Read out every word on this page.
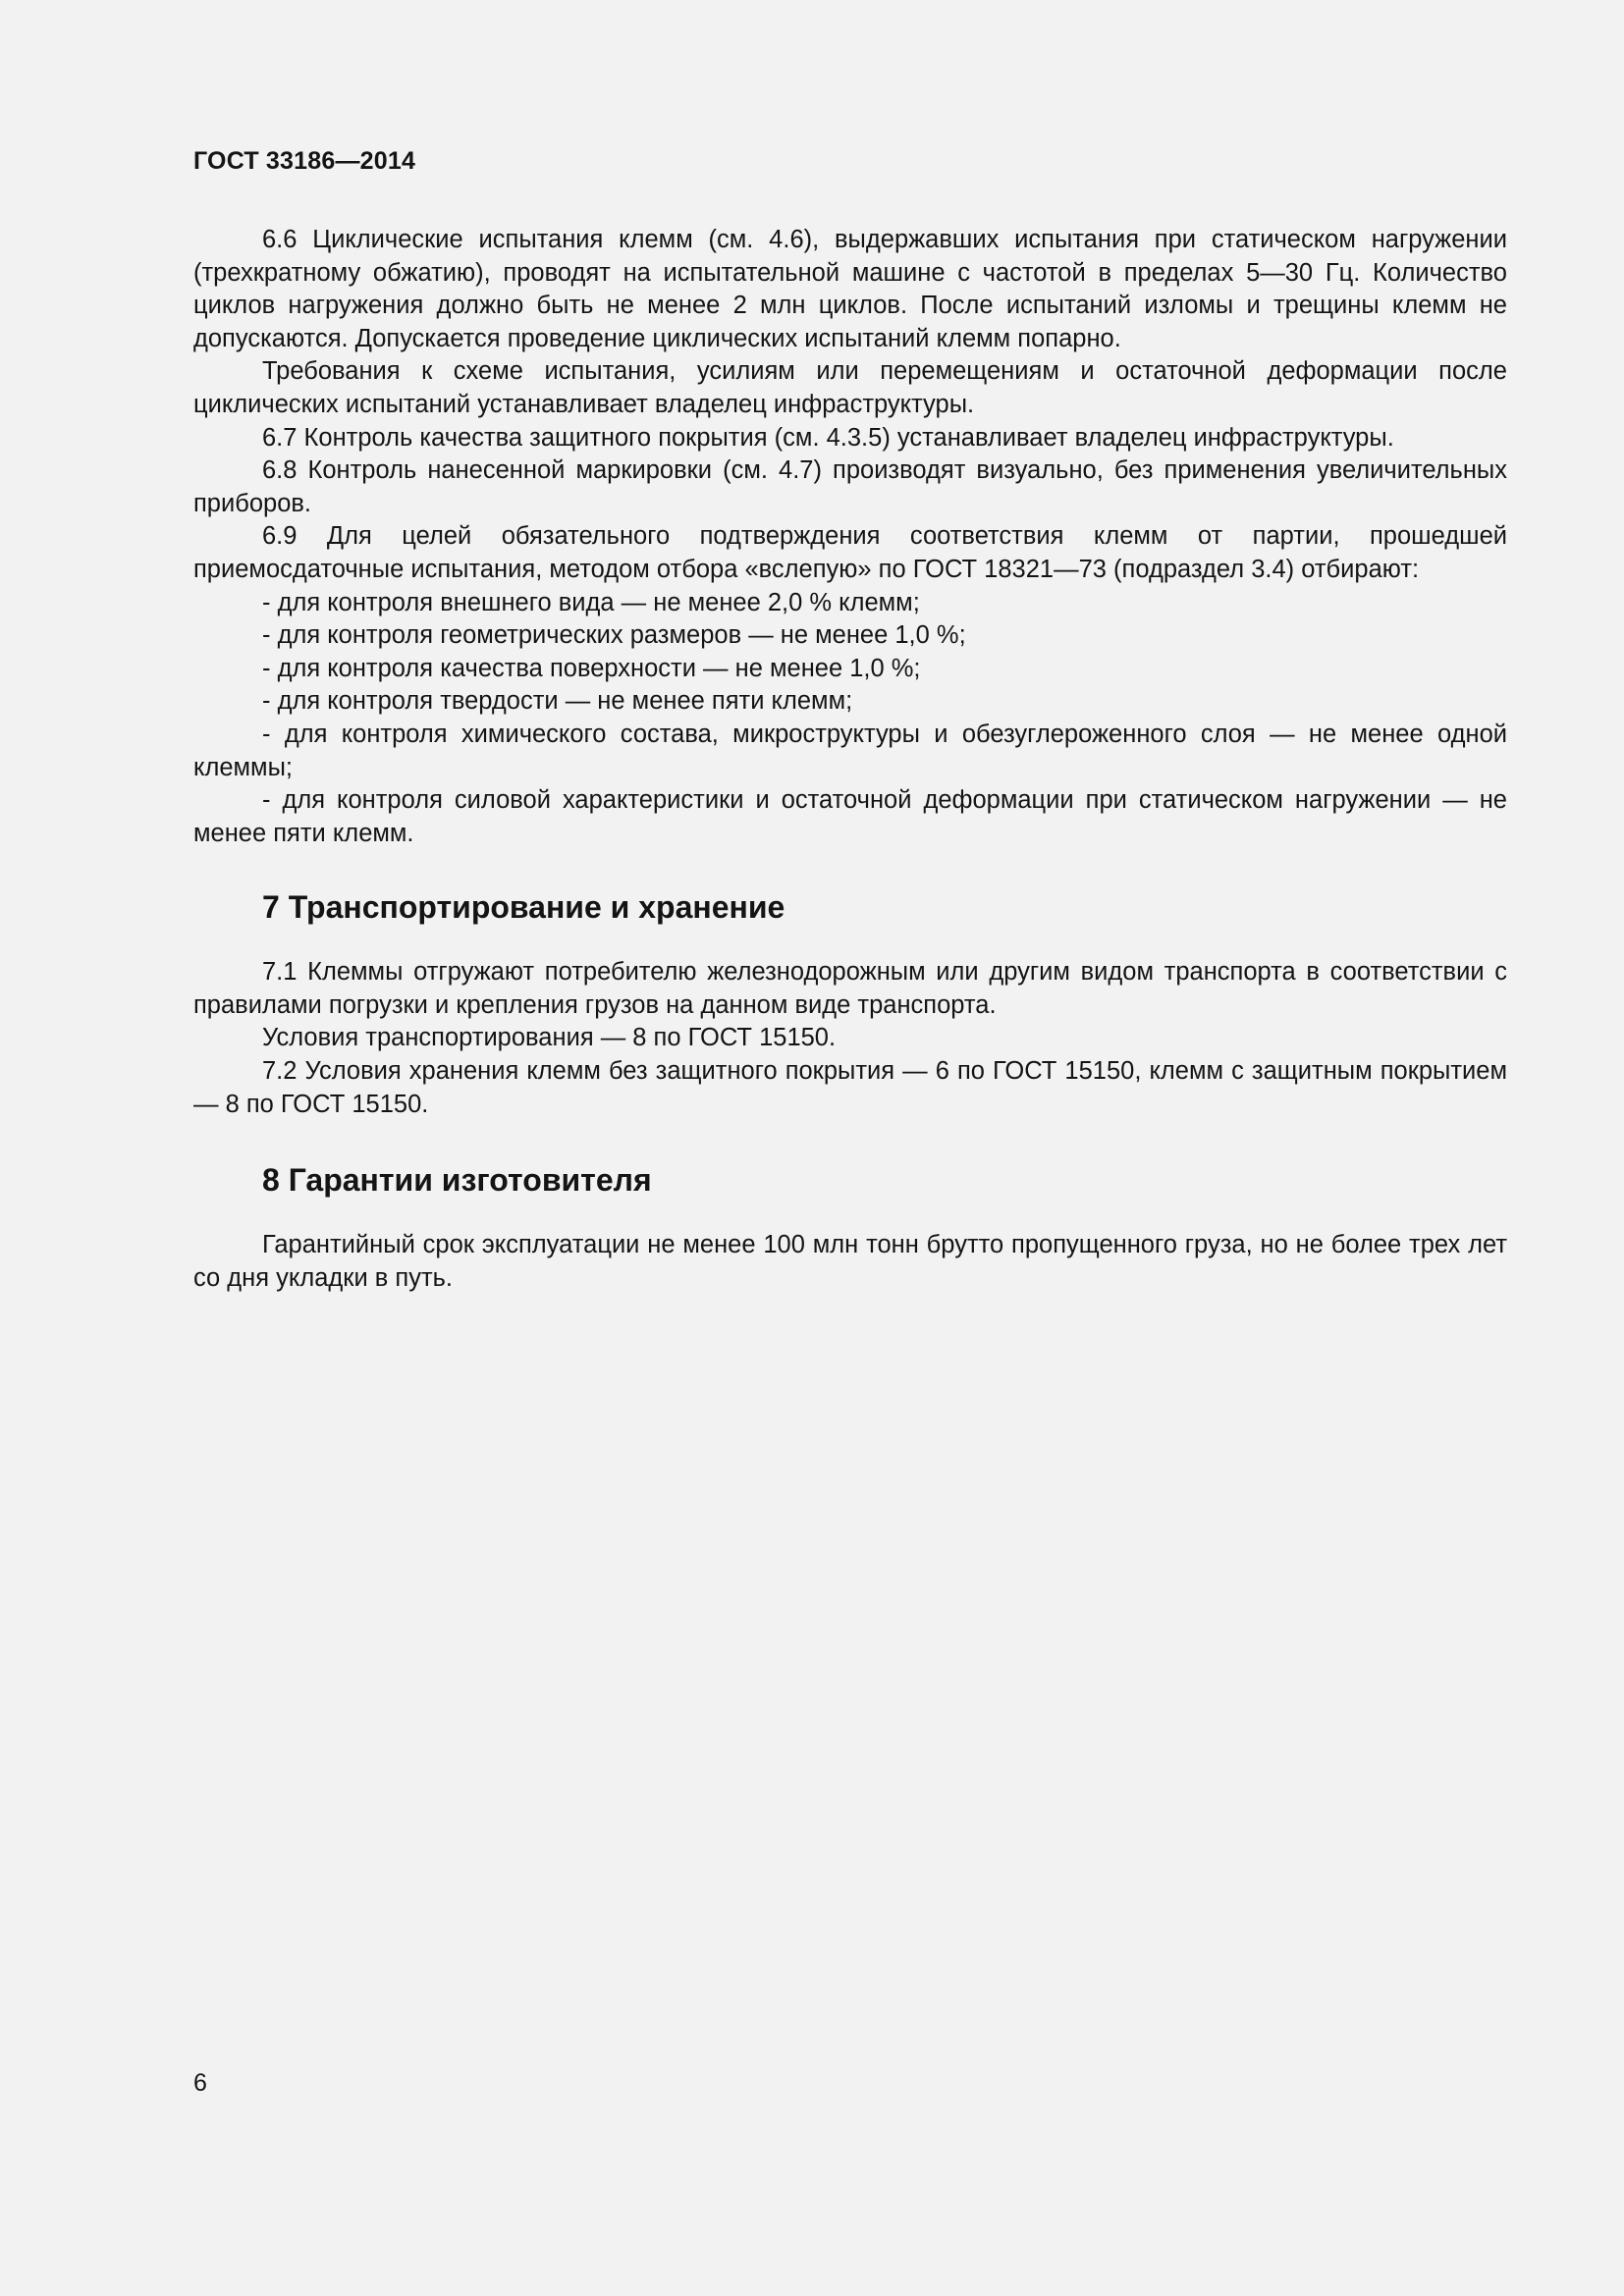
ГОСТ 33186—2014

6.6 Циклические испытания клемм (см. 4.6), выдержавших испытания при статическом нагружении (трехкратному обжатию), проводят на испытательной машине с частотой в пределах 5—30 Гц. Количество циклов нагружения должно быть не менее 2 млн циклов. После испытаний изломы и трещины клемм не допускаются. Допускается проведение циклических испытаний клемм попарно.

Требования к схеме испытания, усилиям или перемещениям и остаточной деформации после циклических испытаний устанавливает владелец инфраструктуры.

6.7 Контроль качества защитного покрытия (см. 4.3.5) устанавливает владелец инфраструктуры.

6.8 Контроль нанесенной маркировки (см. 4.7) производят визуально, без применения увеличительных приборов.

6.9 Для целей обязательного подтверждения соответствия клемм от партии, прошедшей приемосдаточные испытания, методом отбора «вслепую» по ГОСТ 18321—73 (подраздел 3.4) отбирают:

- для контроля внешнего вида — не менее 2,0 % клемм;

- для контроля геометрических размеров — не менее 1,0 %;

- для контроля качества поверхности — не менее 1,0 %;

- для контроля твердости — не менее пяти клемм;

- для контроля химического состава, микроструктуры и обезуглероженного слоя — не менее одной клеммы;

- для контроля силовой характеристики и остаточной деформации при статическом нагружении — не менее пяти клемм.

7 Транспортирование и хранение

7.1 Клеммы отгружают потребителю железнодорожным или другим видом транспорта в соответствии с правилами погрузки и крепления грузов на данном виде транспорта.

Условия транспортирования — 8 по ГОСТ 15150.

7.2 Условия хранения клемм без защитного покрытия — 6 по ГОСТ 15150, клемм с защитным покрытием — 8 по ГОСТ 15150.

8 Гарантии изготовителя

Гарантийный срок эксплуатации не менее 100 млн тонн брутто пропущенного груза, но не более трех лет со дня укладки в путь.

6
